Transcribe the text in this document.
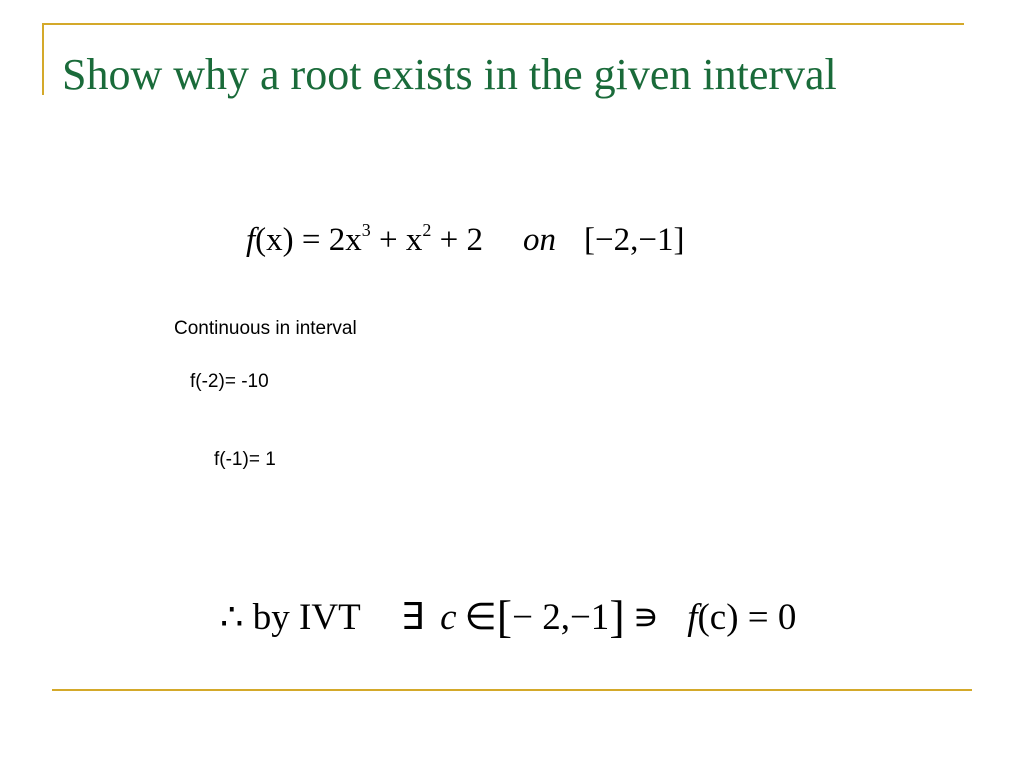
Show why a root exists in the given interval
$f(x) = 2x^3 + x^2 + 2$ on [−2,−1]
Continuous in interval
f(-2)= -10
f(-1)= 1
∴ by IVT ∃ c ∈[− 2,−1] ∍ f(c) = 0
